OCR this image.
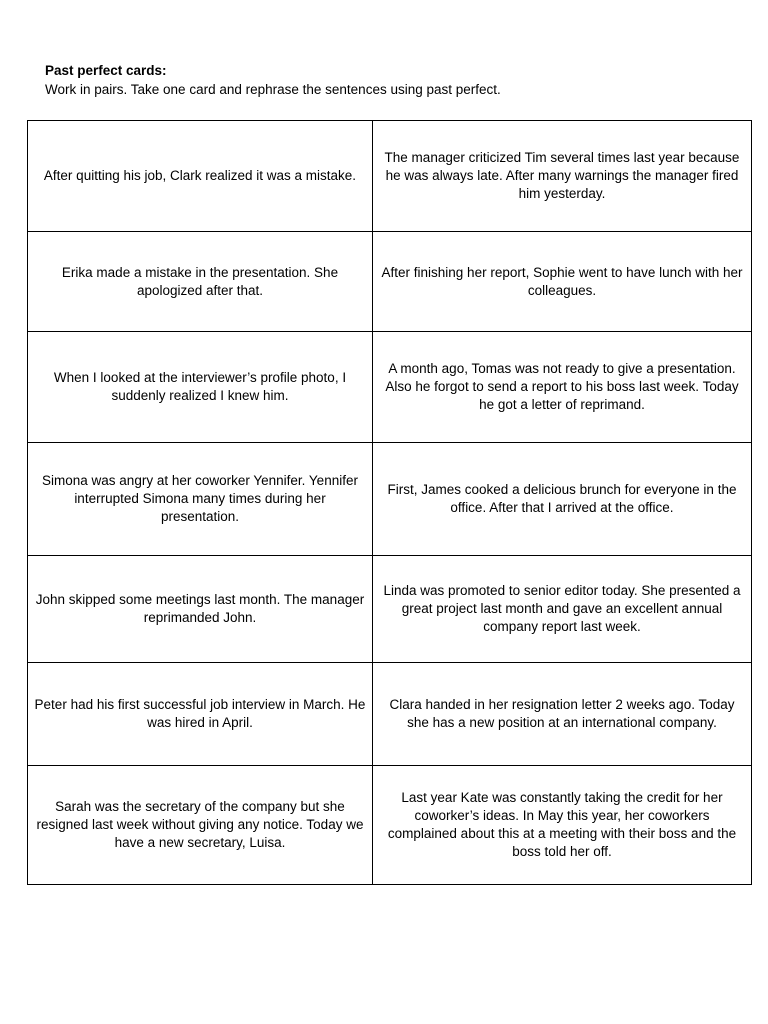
Past perfect cards:
Work in pairs. Take one card and rephrase the sentences using past perfect.
After quitting his job, Clark realized it was a mistake.	The manager criticized Tim several times last year because he was always late. After many warnings the manager fired him yesterday.
Erika made a mistake in the presentation. She apologized after that.	After finishing her report, Sophie went to have lunch with her colleagues.
When I looked at the interviewer’s profile photo, I suddenly realized I knew him.	A month ago, Tomas was not ready to give a presentation. Also he forgot to send a report to his boss last week. Today he got a letter of reprimand.
Simona was angry at her coworker Yennifer. Yennifer interrupted Simona many times during her presentation.	First, James cooked a delicious brunch for everyone in the office. After that I arrived at the office.
John skipped some meetings last month. The manager reprimanded John.	Linda was promoted to senior editor today. She presented a great project last month and gave an excellent annual company report last week.
Peter had his first successful job interview in March. He was hired in April.	Clara handed in her resignation letter 2 weeks ago. Today she has a new position at an international company.
Sarah was the secretary of the company but she resigned last week without giving any notice. Today we have a new secretary, Luisa.	Last year Kate was constantly taking the credit for her coworker’s ideas. In May this year, her coworkers complained about this at a meeting with their boss and the boss told her off.
